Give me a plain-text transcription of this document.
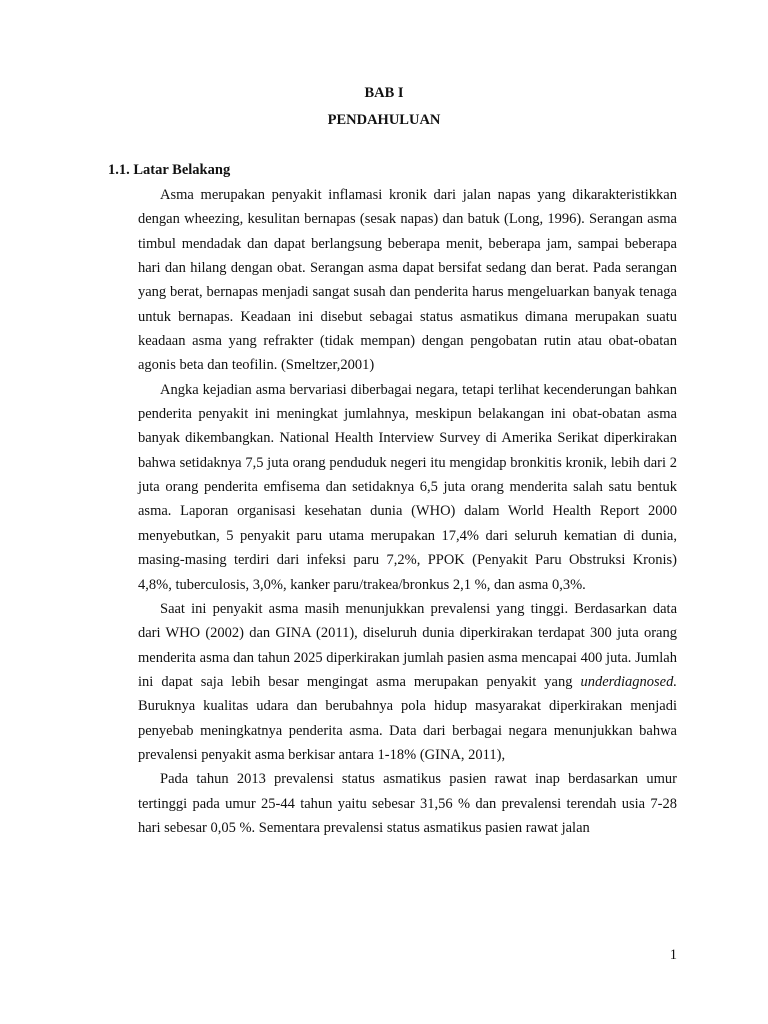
BAB I
PENDAHULUAN
1.1. Latar Belakang

Asma merupakan penyakit inflamasi kronik dari jalan napas yang dikarakteristikkan dengan wheezing, kesulitan bernapas (sesak napas) dan batuk (Long, 1996). Serangan asma timbul mendadak dan dapat berlangsung beberapa menit, beberapa jam, sampai beberapa hari dan hilang dengan obat. Serangan asma dapat bersifat sedang dan berat. Pada serangan yang berat, bernapas menjadi sangat susah dan penderita harus mengeluarkan banyak tenaga untuk bernapas. Keadaan ini disebut sebagai status asmatikus dimana merupakan suatu keadaan asma yang refrakter (tidak mempan) dengan pengobatan rutin atau obat-obatan agonis beta dan teofilin. (Smeltzer,2001)

Angka kejadian asma bervariasi diberbagai negara, tetapi terlihat kecenderungan bahkan penderita penyakit ini meningkat jumlahnya, meskipun belakangan ini obat-obatan asma banyak dikembangkan. National Health Interview Survey di Amerika Serikat diperkirakan bahwa setidaknya 7,5 juta orang penduduk negeri itu mengidap bronkitis kronik, lebih dari 2 juta orang penderita emfisema dan setidaknya 6,5 juta orang menderita salah satu bentuk asma. Laporan organisasi kesehatan dunia (WHO) dalam World Health Report 2000 menyebutkan, 5 penyakit paru utama merupakan 17,4% dari seluruh kematian di dunia, masing-masing terdiri dari infeksi paru 7,2%, PPOK (Penyakit Paru Obstruksi Kronis) 4,8%, tuberculosis, 3,0%, kanker paru/trakea/bronkus 2,1 %, dan asma 0,3%.

Saat ini penyakit asma masih menunjukkan prevalensi yang tinggi. Berdasarkan data dari WHO (2002) dan GINA (2011), diseluruh dunia diperkirakan terdapat 300 juta orang menderita asma dan tahun 2025 diperkirakan jumlah pasien asma mencapai 400 juta. Jumlah ini dapat saja lebih besar mengingat asma merupakan penyakit yang underdiagnosed. Buruknya kualitas udara dan berubahnya pola hidup masyarakat diperkirakan menjadi penyebab meningkatnya penderita asma. Data dari berbagai negara menunjukkan bahwa prevalensi penyakit asma berkisar antara 1-18% (GINA, 2011),

Pada tahun 2013 prevalensi status asmatikus pasien rawat inap berdasarkan umur tertinggi pada umur 25-44 tahun yaitu sebesar 31,56 % dan prevalensi terendah usia 7-28 hari sebesar 0,05 %. Sementara prevalensi status asmatikus pasien rawat jalan

1
